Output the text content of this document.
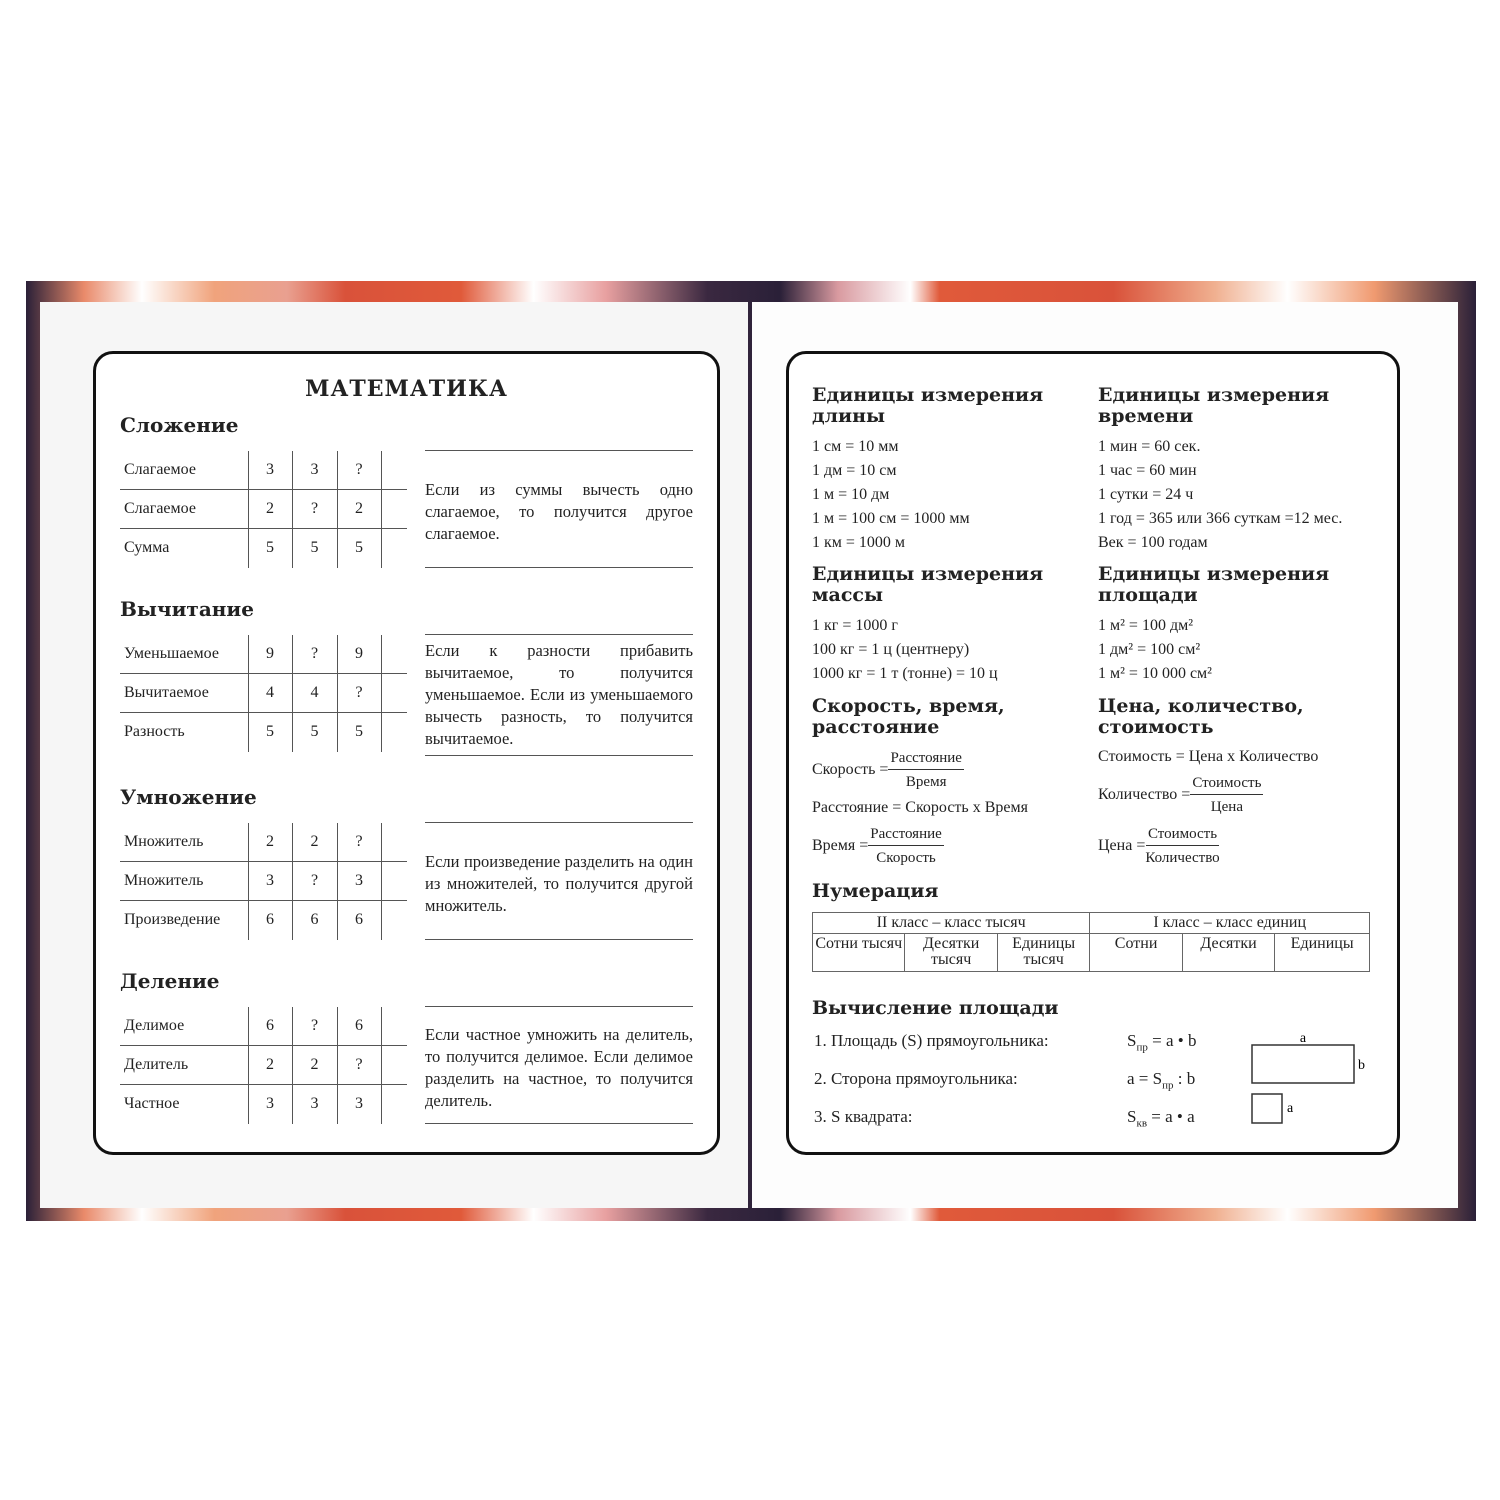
МАТЕМАТИКА
Сложение
Слагаемое	3	3	?
Слагаемое	2	?	2
Сумма	5	5	5
Если из суммы вычесть одно слагаемое, то получится другое слагаемое.
Вычитание
Уменьшаемое	9	?	9
Вычитаемое	4	4	?
Разность	5	5	5
Если к разности прибавить вычитаемое, то получится уменьшаемое. Если из уменьшаемого вычесть разность, то получится вычитаемое.
Умножение
Множитель	2	2	?
Множитель	3	?	3
Произведение	6	6	6
Если произведение разделить на один из множителей, то получится другой множитель.
Деление
Делимое	6	?	6
Делитель	2	2	?
Частное	3	3	3
Если частное умножить на делитель, то получится делимое. Если делимое разделить на частное, то получится делитель.
Единицы измерения длины
1 см = 10 мм
1 дм = 10 см
1 м = 10 дм
1 м = 100 см = 1000 мм
1 км = 1000 м
Единицы измерения времени
1 мин = 60 сек.
1 час = 60 мин
1 сутки = 24 ч
1 год = 365 или 366 суткам =12 мес.
Век = 100 годам
Единицы измерения массы
1 кг = 1000 г
100 кг = 1 ц (центнеру)
1000 кг = 1 т (тонне) = 10 ц
Единицы измерения площади
1 м² = 100 дм²
1 дм² = 100 см²
1 м² = 10 000 см²
Скорость, время, расстояние
Скорость = $\frac{\text{Расстояние}}{\text{Время}}$
Расстояние = Скорость х Время
Время = $\frac{\text{Расстояние}}{\text{Скорость}}$
Цена, количество, стоимость
Стоимость = Цена х Количество
Количество = $\frac{\text{Стоимость}}{\text{Цена}}$
Цена = $\frac{\text{Стоимость}}{\text{Количество}}$
Нумерация
II класс – класс тысяч			I класс – класс единиц		
Сотни тысяч	Десятки тысяч	Единицы тысяч	Сотни	Десятки	Единицы
Вычисление площади
1. Площадь (S) прямоугольника:	$S_{пр} = a$ • b
2. Сторона прямоугольника:	$a = S_{пр}$ : b
3. S квадрата:	$S_{кв} = a$ • a
a
b
a
